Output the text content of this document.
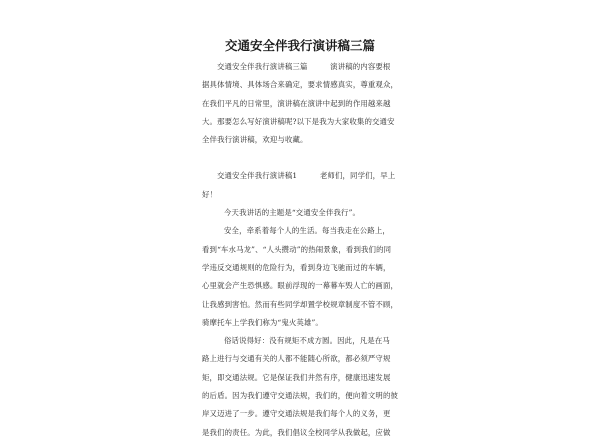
交通安全伴我行演讲稿三篇
交通安全伴我行演讲稿三篇　　　演讲稿的内容要根
据具体情境、具体场合来确定，要求情感真实，尊重观众，
在我们平凡的日常里，演讲稿在演讲中起到的作用越来越
大。那要怎么写好演讲稿呢?以下是我为大家收集的交通安
全伴我行演讲稿，欢迎与收藏。
交通安全伴我行演讲稿1　　　老师们，同学们，早上
好！
今天我讲话的主题是“交通安全伴我行”。
安全，牵系着每个人的生活。每当我走在公路上，
看到“车水马龙”、“人头攒动”的热闹景象，看到我们的同
学违反交通规则的危险行为，看到身边飞驰而过的车辆，
心里就会产生恐惧感。眼前浮现的一幕幕车毁人亡的画面，
让我感到害怕。然而有些同学却置学校规章制度不管不顾，
骑摩托车上学我们称为“鬼火英雄”。
俗话说得好：没有规矩不成方圆。因此，凡是在马
路上进行与交通有关的人都不能随心所欲，都必须严守规
矩，即交通法规。它是保证我们井然有序，健康迅速发展
的后盾。因为我们遵守交通法规，我们的，便向着文明的彼
岸又迈进了一步。遵守交通法规是我们每个人的义务，更
是我们的责任。为此，我们倡议全校同学从我做起，应做
